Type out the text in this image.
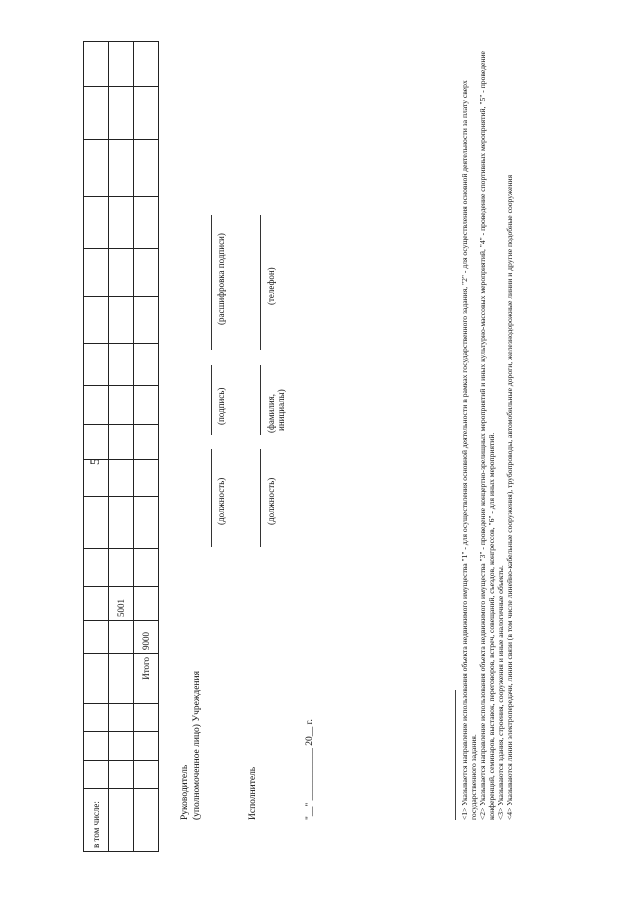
5
в том числе:																		
						5001												
				Итого	9000													
Руководитель (уполномоченное лицо) Учреждения
(должность)
(подпись)
(расшифровка подписи)
Исполнитель
(должность)
(фамилия, инициалы)
(телефон)
"__" ___________ 20__ г.	<1> Указывается направление использования объекта недвижимого имущества "1" - для осуществления основной деятельности в рамках государственного задания, "2" - для осуществления основной деятельности за плату сверх государственного задания. <2> Указывается направление использования объекта недвижимого имущества "3" - проведение концертно-зрелищных мероприятий и иных культурно-массовых мероприятий, "4" - проведение спортивных мероприятий, "5" - проведение конференций, семинаров, выставок, переговоров, встреч, совещаний, съездов, конгрессов, "6" - для иных мероприятий. <3> Указываются здания, строения, сооружения и иные аналогичные объекты. <4> Указываются линии электропередачи, линии связи (в том числе линейно-кабельные сооружения), трубопроводы, автомобильные дороги, железнодорожные линии и другие подобные сооружения
